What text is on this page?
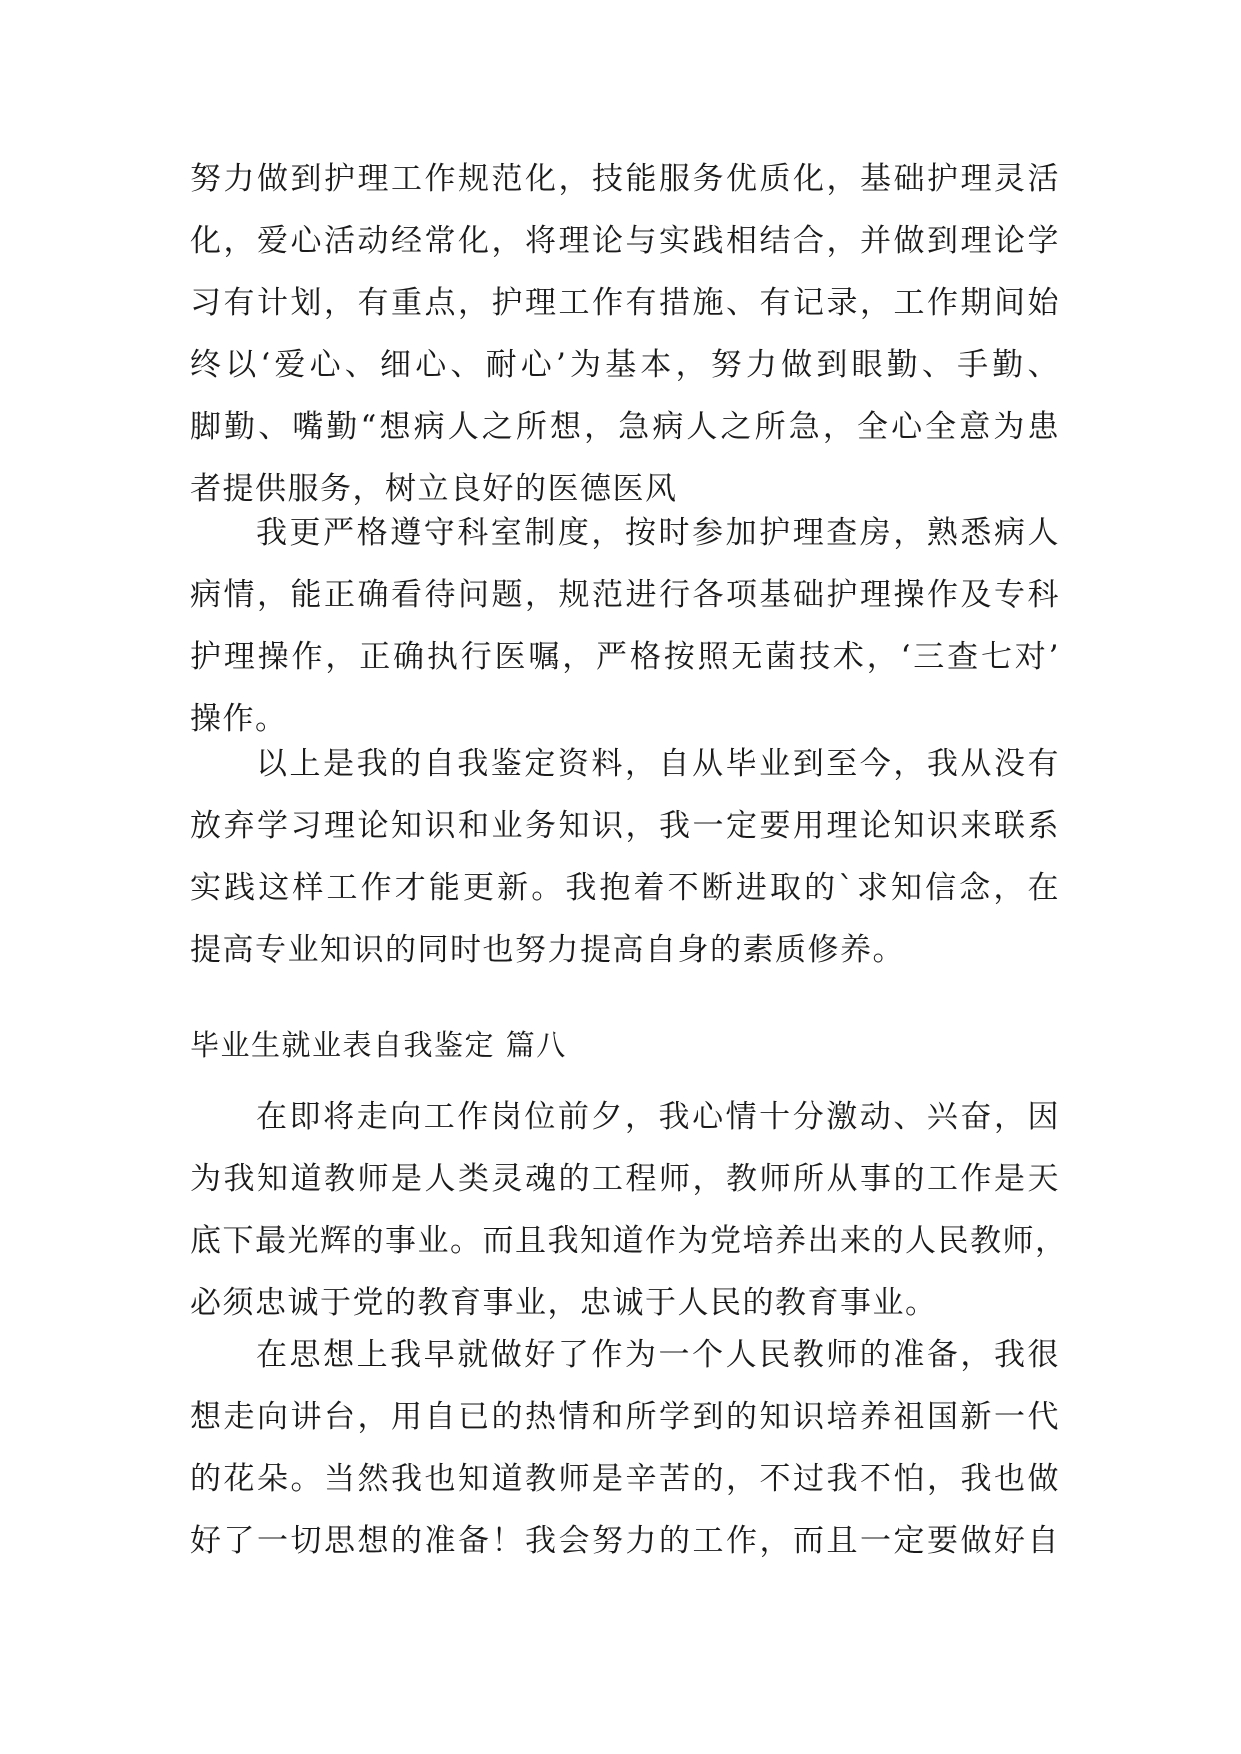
努力做到护理工作规范化，技能服务优质化，基础护理灵活
化，爱心活动经常化，将理论与实践相结合，并做到理论学
习有计划，有重点，护理工作有措施、有记录，工作期间始
终以‘爱心、细心、耐心’为基本，努力做到眼勤、手勤、
脚勤、嘴勤“想病人之所想，急病人之所急，全心全意为患
者提供服务，树立良好的医德医风
我更严格遵守科室制度，按时参加护理查房，熟悉病人
病情，能正确看待问题，规范进行各项基础护理操作及专科
护理操作，正确执行医嘱，严格按照无菌技术，‘三查七对’
操作。
以上是我的自我鉴定资料，自从毕业到至今，我从没有
放弃学习理论知识和业务知识，我一定要用理论知识来联系
实践这样工作才能更新。我抱着不断进取的`求知信念，在
提高专业知识的同时也努力提高自身的素质修养。
毕业生就业表自我鉴定 篇八
在即将走向工作岗位前夕，我心情十分激动、兴奋，因
为我知道教师是人类灵魂的工程师，教师所从事的工作是天
底下最光辉的事业。而且我知道作为党培养出来的人民教师，
必须忠诚于党的教育事业，忠诚于人民的教育事业。
在思想上我早就做好了作为一个人民教师的准备，我很
想走向讲台，用自已的热情和所学到的知识培养祖国新一代
的花朵。当然我也知道教师是辛苦的，不过我不怕，我也做
好了一切思想的准备！我会努力的工作，而且一定要做好自
